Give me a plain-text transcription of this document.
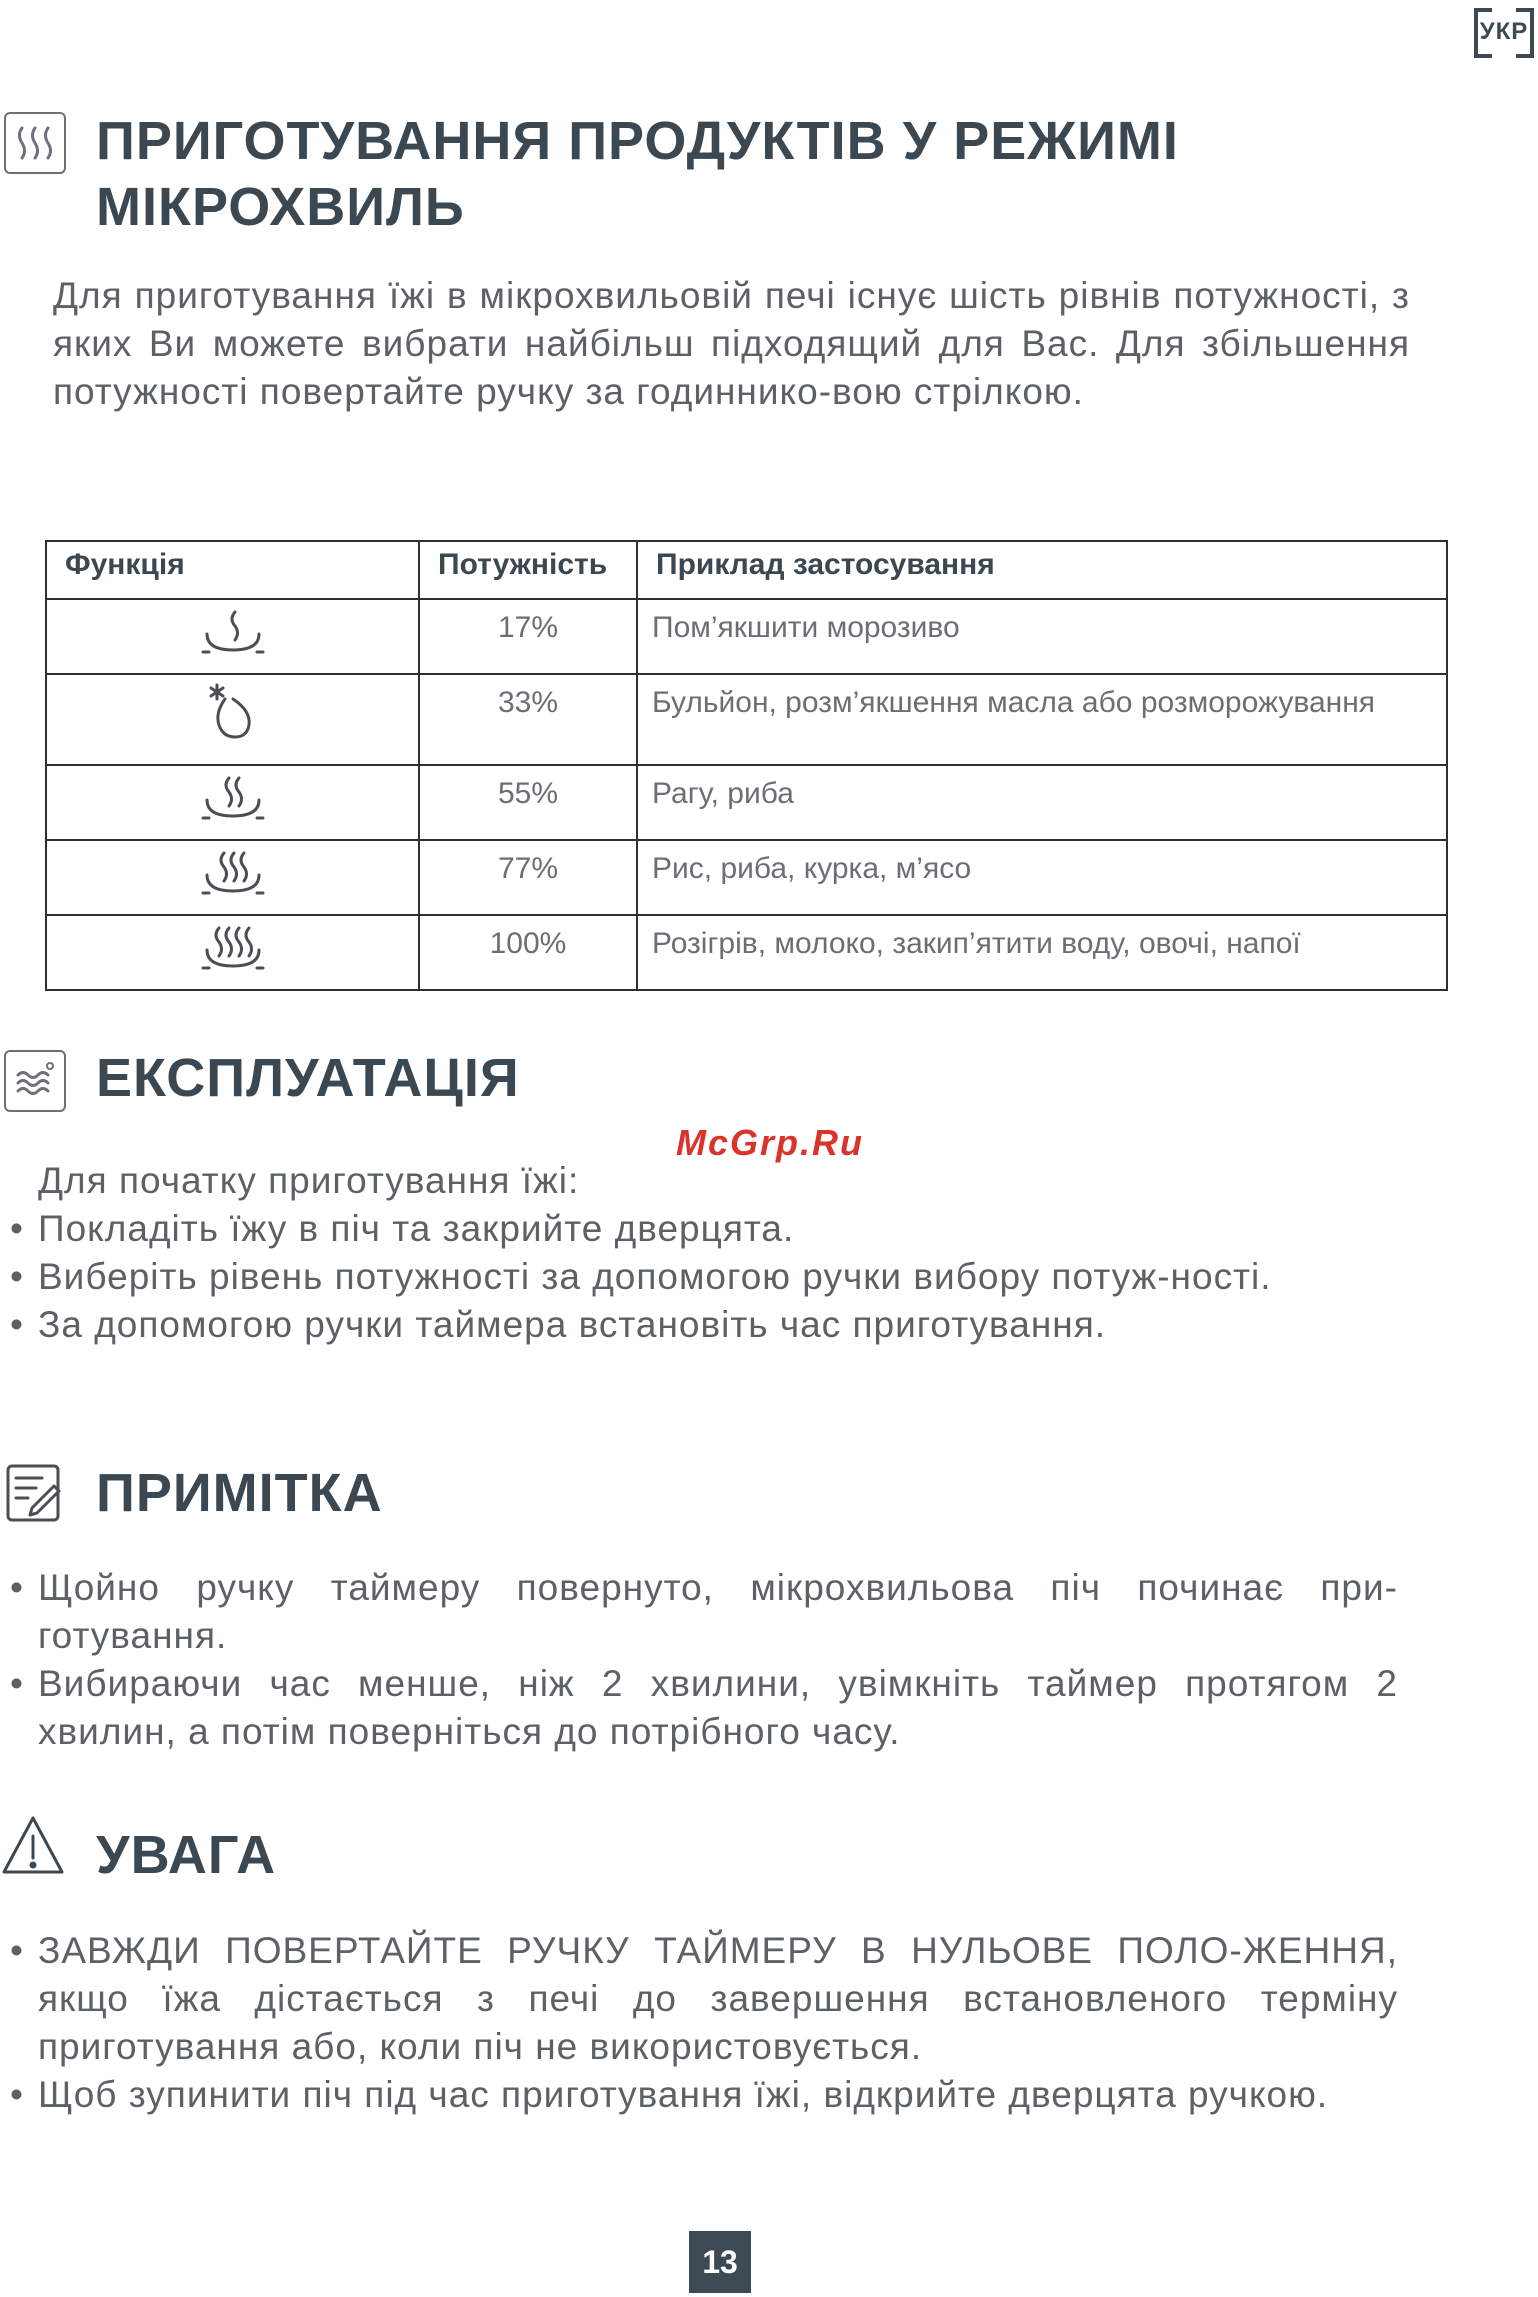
УКР
ПРИГОТУВАННЯ ПРОДУКТІВ У РЕЖИМІ МІКРОХВИЛЬ

Для приготування їжі в мікрохвильовій печі існує шість рівнів потужності, з яких Ви можете вибрати найбільш підходящий для Вас. Для збільшення потужності повертайте ручку за годиннико-вою стрілкою.

Функція	Потужність	Приклад застосування
	17%	Пом’якшити морозиво
	33%	Бульйон, розм’якшення масла або розморожування
	55%	Рагу, риба
	77%	Рис, риба, курка, м’ясо
	100%	Розігрів, молоко, закип’ятити воду, овочі, напої
ЕКСПЛУАТАЦІЯ
McGrp.Ru

Для початку приготування їжі:

• Покладіть їжу в піч та закрийте дверцята.
• Виберіть рівень потужності за допомогою ручки вибору потуж-ності.
• За допомогою ручки таймера встановіть час приготування.
ПРИМІТКА
• Щойно ручку таймеру повернуто, мікрохвильова піч починає при-готування.
• Вибираючи час менше, ніж 2 хвилини, увімкніть таймер протягом 2 хвилин, а потім поверніться до потрібного часу.
УВАГА
• ЗАВЖДИ ПОВЕРТАЙТЕ РУЧКУ ТАЙМЕРУ В НУЛЬОВЕ ПОЛО-ЖЕННЯ, якщо їжа дістається з печі до завершення встановленого терміну приготування або, коли піч не використовується.
• Щоб зупинити піч під час приготування їжі, відкрийте дверцята ручкою.
13
